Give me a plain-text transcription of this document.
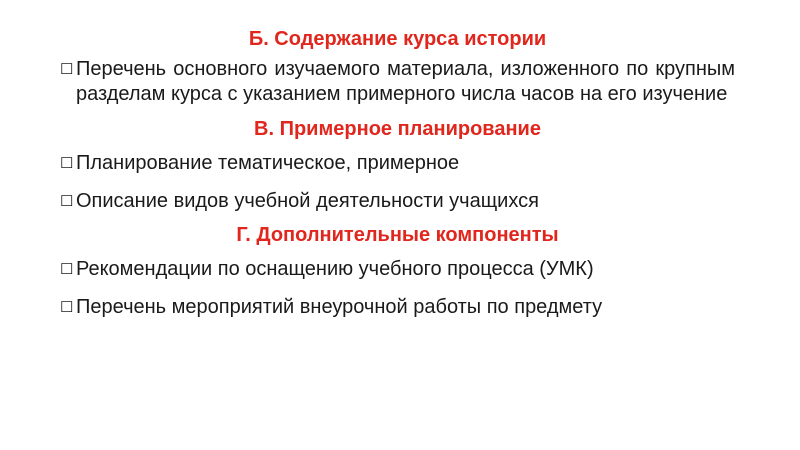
Б. Содержание курса истории

☐ Перечень основного изучаемого материала, изложенного по крупным разделам курса с указанием примерного числа часов на его изучение

В. Примерное планирование

☐ Планирование тематическое, примерное
☐ Описание видов учебной деятельности учащихся

Г. Дополнительные компоненты

☐ Рекомендации по оснащению учебного процесса (УМК)
☐ Перечень мероприятий внеурочной работы по предмету
